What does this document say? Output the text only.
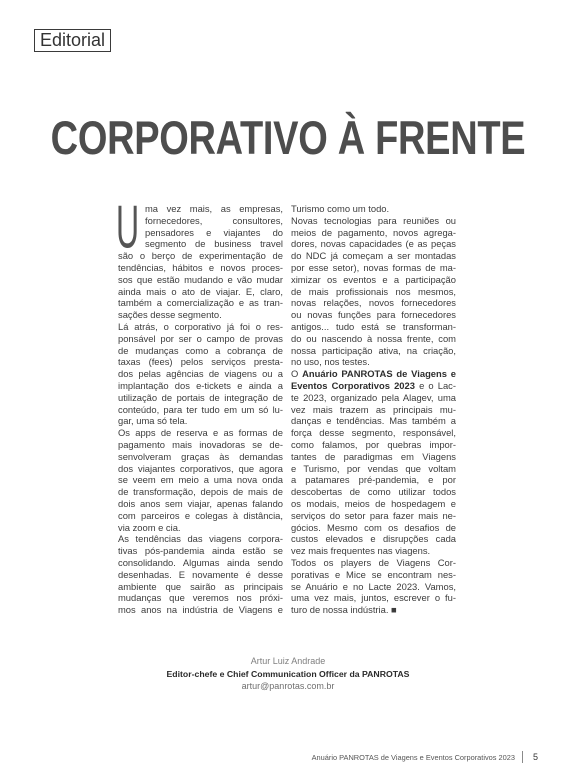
Editorial
CORPORATIVO À FRENTE
U ma vez mais, as empresas,
fornecedores, consultores,
pensadores e viajantes do
segmento de business travel
são o berço de experimentação de
tendências, hábitos e novos proces-
sos que estão mudando e vão mudar
ainda mais o ato de viajar. E, claro,
também a comercialização e as tran-
sações desse segmento.
Lá atrás, o corporativo já foi o res-
ponsável por ser o campo de provas
de mudanças como a cobrança de
taxas (fees) pelos serviços presta-
dos pelas agências de viagens ou a
implantação dos e-tickets e ainda a
utilização de portais de integração de
conteúdo, para ter tudo em um só lu-
gar, uma só tela.
Os apps de reserva e as formas de
pagamento mais inovadoras se de-
senvolveram graças às demandas
dos viajantes corporativos, que agora
se veem em meio a uma nova onda
de transformação, depois de mais de
dois anos sem viajar, apenas falando
com parceiros e colegas à distância,
via zoom e cia.
As tendências das viagens corpora-
tivas pós-pandemia ainda estão se
consolidando. Algumas ainda sendo
desenhadas. E novamente é desse
ambiente que sairão as principais
mudanças que veremos nos próxi-
mos anos na indústria de Viagens e
Turismo como um todo.
Novas tecnologias para reuniões ou
meios de pagamento, novos agrega-
dores, novas capacidades (e as peças
do NDC já começam a ser montadas
por esse setor), novas formas de ma-
ximizar os eventos e a participação
de mais profissionais nos mesmos,
novas relações, novos fornecedores
ou novas funções para fornecedores
antigos... tudo está se transforman-
do ou nascendo à nossa frente, com
nossa participação ativa, na criação,
no uso, nos testes.
O Anuário PANROTAS de Viagens e
Eventos Corporativos 2023 e o Lac-
te 2023, organizado pela Alagev, uma
vez mais trazem as principais mu-
danças e tendências. Mas também a
força desse segmento, responsável,
como falamos, por quebras impor-
tantes de paradigmas em Viagens
e Turismo, por vendas que voltam
a patamares pré-pandemia, e por
descobertas de como utilizar todos
os modais, meios de hospedagem e
serviços do setor para fazer mais ne-
gócios. Mesmo com os desafios de
custos elevados e disrupções cada
vez mais frequentes nas viagens.
Todos os players de Viagens Cor-
porativas e Mice se encontram nes-
se Anuário e no Lacte 2023. Vamos,
uma vez mais, juntos, escrever o fu-
turo de nossa indústria. ■
Artur Luiz Andrade
Editor-chefe e Chief Communication Officer da PANROTAS
artur@panrotas.com.br
Anuário PANROTAS de Viagens e Eventos Corporativos 2023 5
